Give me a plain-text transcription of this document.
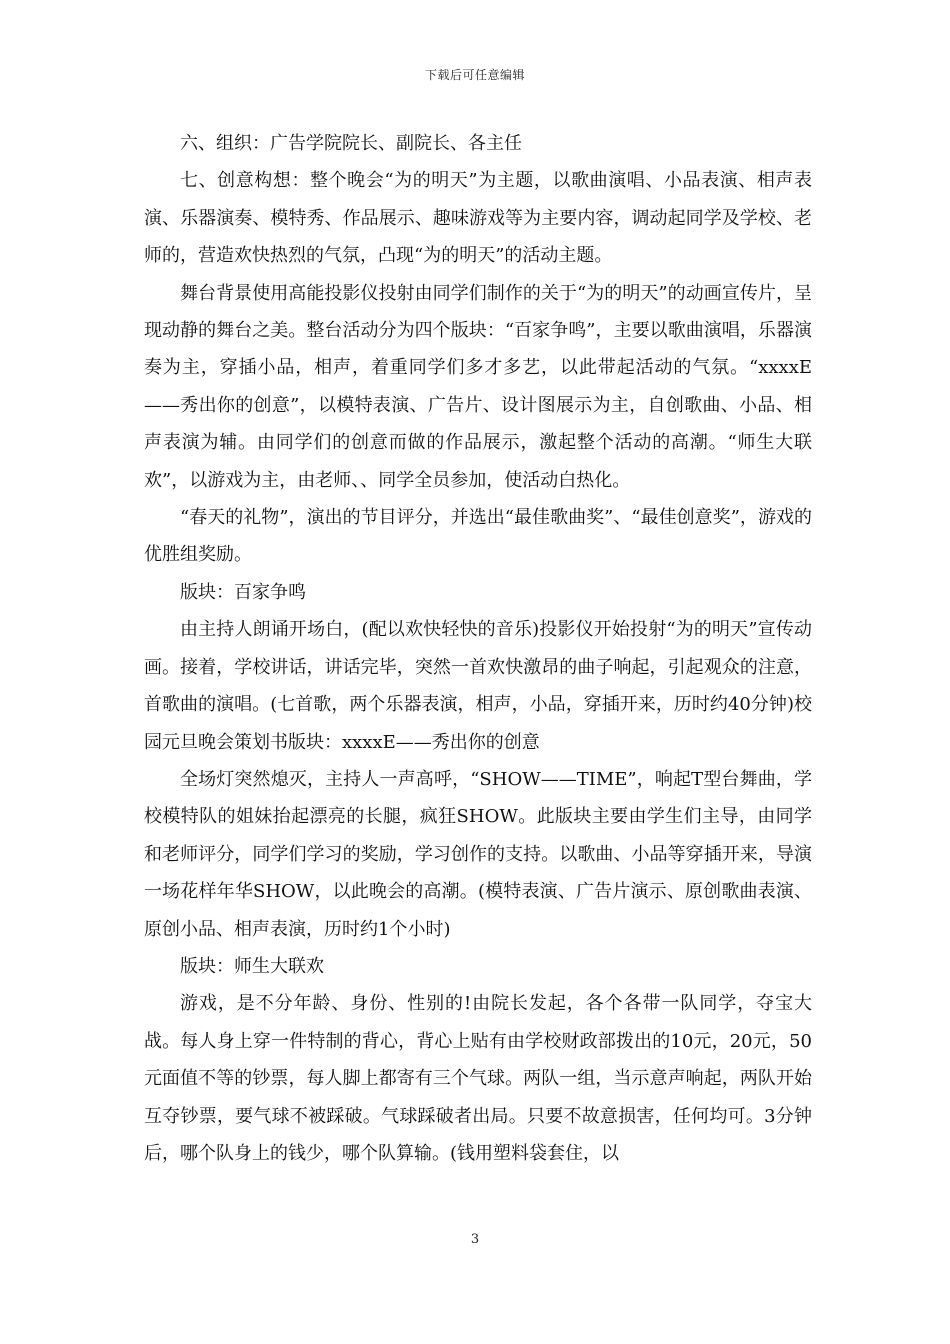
下载后可任意编辑

六、组织：广告学院院长、副院长、各主任

七、创意构想：整个晚会“为的明天”为主题，以歌曲演唱、小品表演、相声表演、乐器演奏、模特秀、作品展示、趣味游戏等为主要内容，调动起同学及学校、老师的，营造欢快热烈的气氛，凸现“为的明天”的活动主题。

舞台背景使用高能投影仪投射由同学们制作的关于“为的明天”的动画宣传片，呈现动静的舞台之美。整台活动分为四个版块：“百家争鸣”，主要以歌曲演唱，乐器演奏为主，穿插小品，相声，着重同学们多才多艺，以此带起活动的气氛。“xxxxE——秀出你的创意”，以模特表演、广告片、设计图展示为主，自创歌曲、小品、相声表演为辅。由同学们的创意而做的作品展示，激起整个活动的高潮。“师生大联欢”，以游戏为主，由老师、、同学全员参加，使活动白热化。

“春天的礼物”，演出的节目评分，并选出“最佳歌曲奖”、“最佳创意奖”，游戏的优胜组奖励。

版块：百家争鸣

由主持人朗诵开场白，(配以欢快轻快的音乐)投影仪开始投射“为的明天”宣传动画。接着，学校讲话，讲话完毕，突然一首欢快激昂的曲子响起，引起观众的注意，首歌曲的演唱。(七首歌，两个乐器表演，相声，小品，穿插开来，历时约40分钟)校园元旦晚会策划书版块：xxxxE——秀出你的创意

全场灯突然熄灭，主持人一声高呼，“SHOW——TIME”，响起T型台舞曲，学校模特队的姐妹抬起漂亮的长腿，疯狂SHOW。此版块主要由学生们主导，由同学和老师评分，同学们学习的奖励，学习创作的支持。以歌曲、小品等穿插开来，导演一场花样年华SHOW，以此晚会的高潮。(模特表演、广告片演示、原创歌曲表演、原创小品、相声表演，历时约1个小时)

版块：师生大联欢

游戏，是不分年龄、身份、性别的!由院长发起，各个各带一队同学，夺宝大战。每人身上穿一件特制的背心，背心上贴有由学校财政部拨出的10元，20元，50元面值不等的钞票，每人脚上都寄有三个气球。两队一组，当示意声响起，两队开始互夺钞票，要气球不被踩破。气球踩破者出局。只要不故意损害，任何均可。3分钟后，哪个队身上的钱少，哪个队算输。(钱用塑料袋套住，以

3
